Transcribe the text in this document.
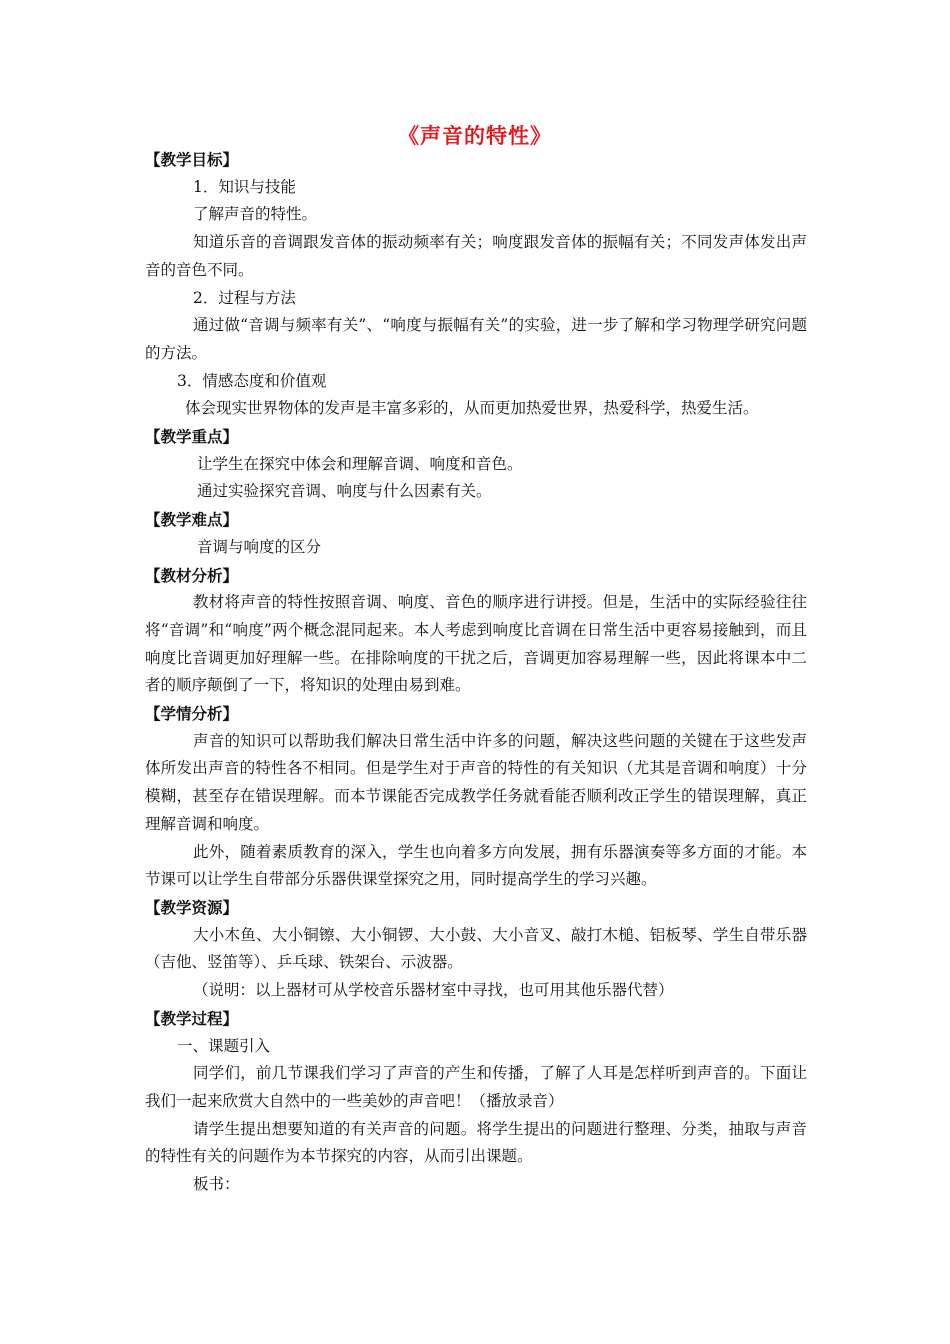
《声音的特性》
【教学目标】
1．知识与技能
了解声音的特性。
知道乐音的音调跟发音体的振动频率有关；响度跟发音体的振幅有关；不同发声体发出声音的音色不同。
2．过程与方法
通过做“音调与频率有关”、“响度与振幅有关”的实验，进一步了解和学习物理学研究问题的方法。
3．情感态度和价值观
体会现实世界物体的发声是丰富多彩的，从而更加热爱世界，热爱科学，热爱生活。
【教学重点】
让学生在探究中体会和理解音调、响度和音色。
通过实验探究音调、响度与什么因素有关。
【教学难点】
音调与响度的区分
【教材分析】
教材将声音的特性按照音调、响度、音色的顺序进行讲授。但是，生活中的实际经验往往将“音调”和“响度”两个概念混同起来。本人考虑到响度比音调在日常生活中更容易接触到，而且响度比音调更加好理解一些。在排除响度的干扰之后，音调更加容易理解一些，因此将课本中二者的顺序颠倒了一下，将知识的处理由易到难。
【学情分析】
声音的知识可以帮助我们解决日常生活中许多的问题，解决这些问题的关键在于这些发声体所发出声音的特性各不相同。但是学生对于声音的特性的有关知识（尤其是音调和响度）十分模糊，甚至存在错误理解。而本节课能否完成教学任务就看能否顺利改正学生的错误理解，真正理解音调和响度。
此外，随着素质教育的深入，学生也向着多方向发展，拥有乐器演奏等多方面的才能。本节课可以让学生自带部分乐器供课堂探究之用，同时提高学生的学习兴趣。
【教学资源】
大小木鱼、大小铜镲、大小铜锣、大小鼓、大小音叉、敲打木槌、铝板琴、学生自带乐器（吉他、竖笛等）、乒乓球、铁架台、示波器。
（说明：以上器材可从学校音乐器材室中寻找，也可用其他乐器代替）
【教学过程】
一、课题引入
同学们，前几节课我们学习了声音的产生和传播，了解了人耳是怎样听到声音的。下面让我们一起来欣赏大自然中的一些美妙的声音吧！（播放录音）
请学生提出想要知道的有关声音的问题。将学生提出的问题进行整理、分类，抽取与声音的特性有关的问题作为本节探究的内容，从而引出课题。
板书：
